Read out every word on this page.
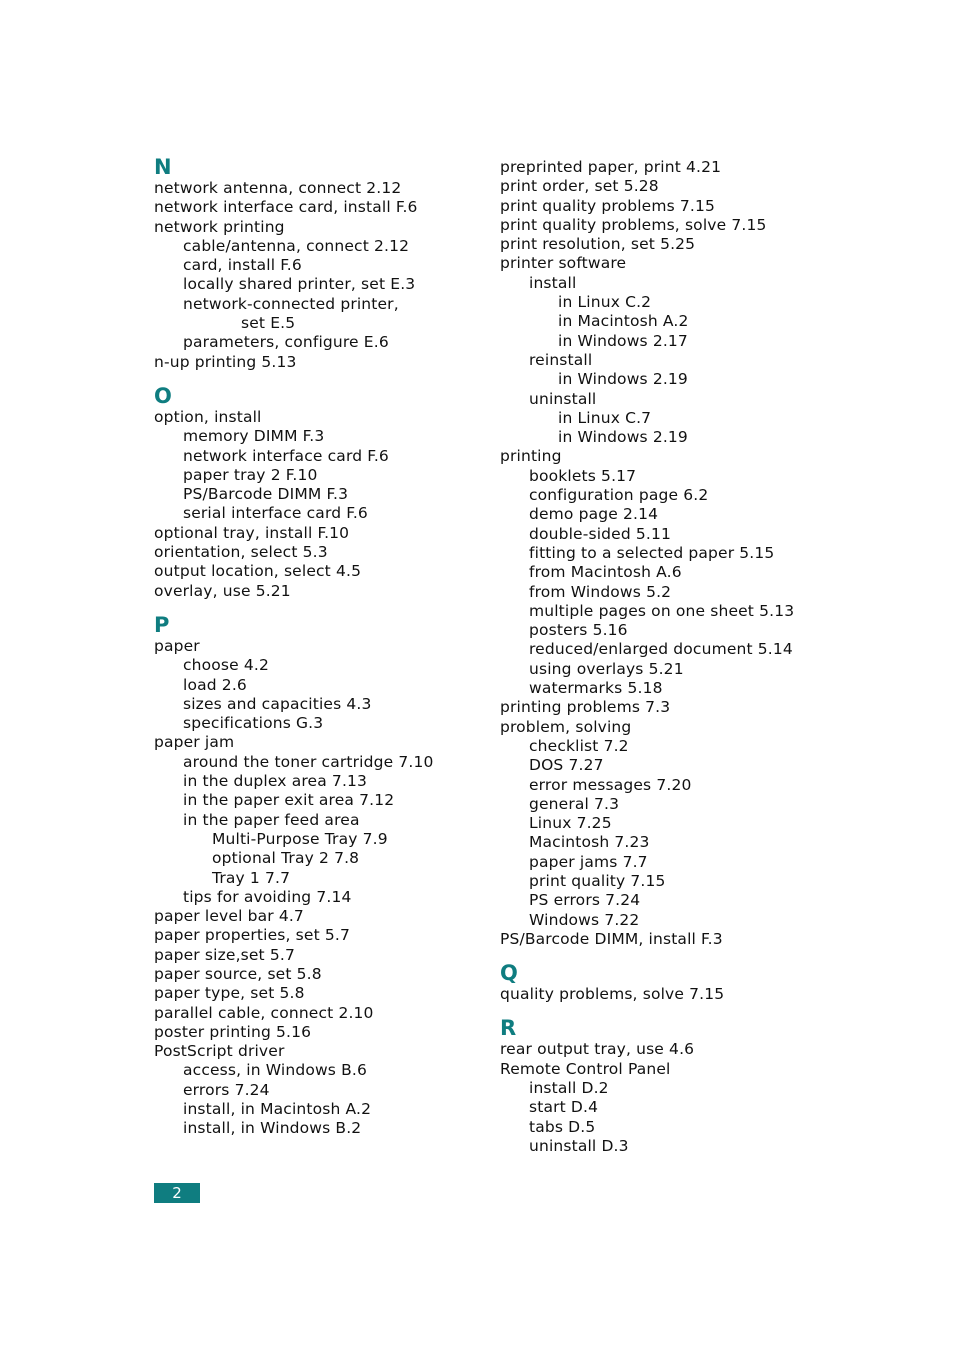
N
network antenna, connect 2.12
network interface card, install F.6
network printing
cable/antenna, connect 2.12
card, install F.6
locally shared printer, set E.3
network-connected printer,
set E.5
parameters, configure E.6
n-up printing 5.13
O
option, install
memory DIMM F.3
network interface card F.6
paper tray 2 F.10
PS/Barcode DIMM F.3
serial interface card F.6
optional tray, install F.10
orientation, select 5.3
output location, select 4.5
overlay, use 5.21
P
paper
choose 4.2
load 2.6
sizes and capacities 4.3
specifications G.3
paper jam
around the toner cartridge 7.10
in the duplex area 7.13
in the paper exit area 7.12
in the paper feed area
Multi-Purpose Tray 7.9
optional Tray 2 7.8
Tray 1 7.7
tips for avoiding 7.14
paper level bar 4.7
paper properties, set 5.7
paper size,set 5.7
paper source, set 5.8
paper type, set 5.8
parallel cable, connect 2.10
poster printing 5.16
PostScript driver
access, in Windows B.6
errors 7.24
install, in Macintosh A.2
install, in Windows B.2
preprinted paper, print 4.21
print order, set 5.28
print quality problems 7.15
print quality problems, solve 7.15
print resolution, set 5.25
printer software
install
in Linux C.2
in Macintosh A.2
in Windows 2.17
reinstall
in Windows 2.19
uninstall
in Linux C.7
in Windows 2.19
printing
booklets 5.17
configuration page 6.2
demo page 2.14
double-sided 5.11
fitting to a selected paper 5.15
from Macintosh A.6
from Windows 5.2
multiple pages on one sheet 5.13
posters 5.16
reduced/enlarged document 5.14
using overlays 5.21
watermarks 5.18
printing problems 7.3
problem, solving
checklist 7.2
DOS 7.27
error messages 7.20
general 7.3
Linux 7.25
Macintosh 7.23
paper jams 7.7
print quality 7.15
PS errors 7.24
Windows 7.22
PS/Barcode DIMM, install F.3
Q
quality problems, solve 7.15
R
rear output tray, use 4.6
Remote Control Panel
install D.2
start D.4
tabs D.5
uninstall D.3
2
